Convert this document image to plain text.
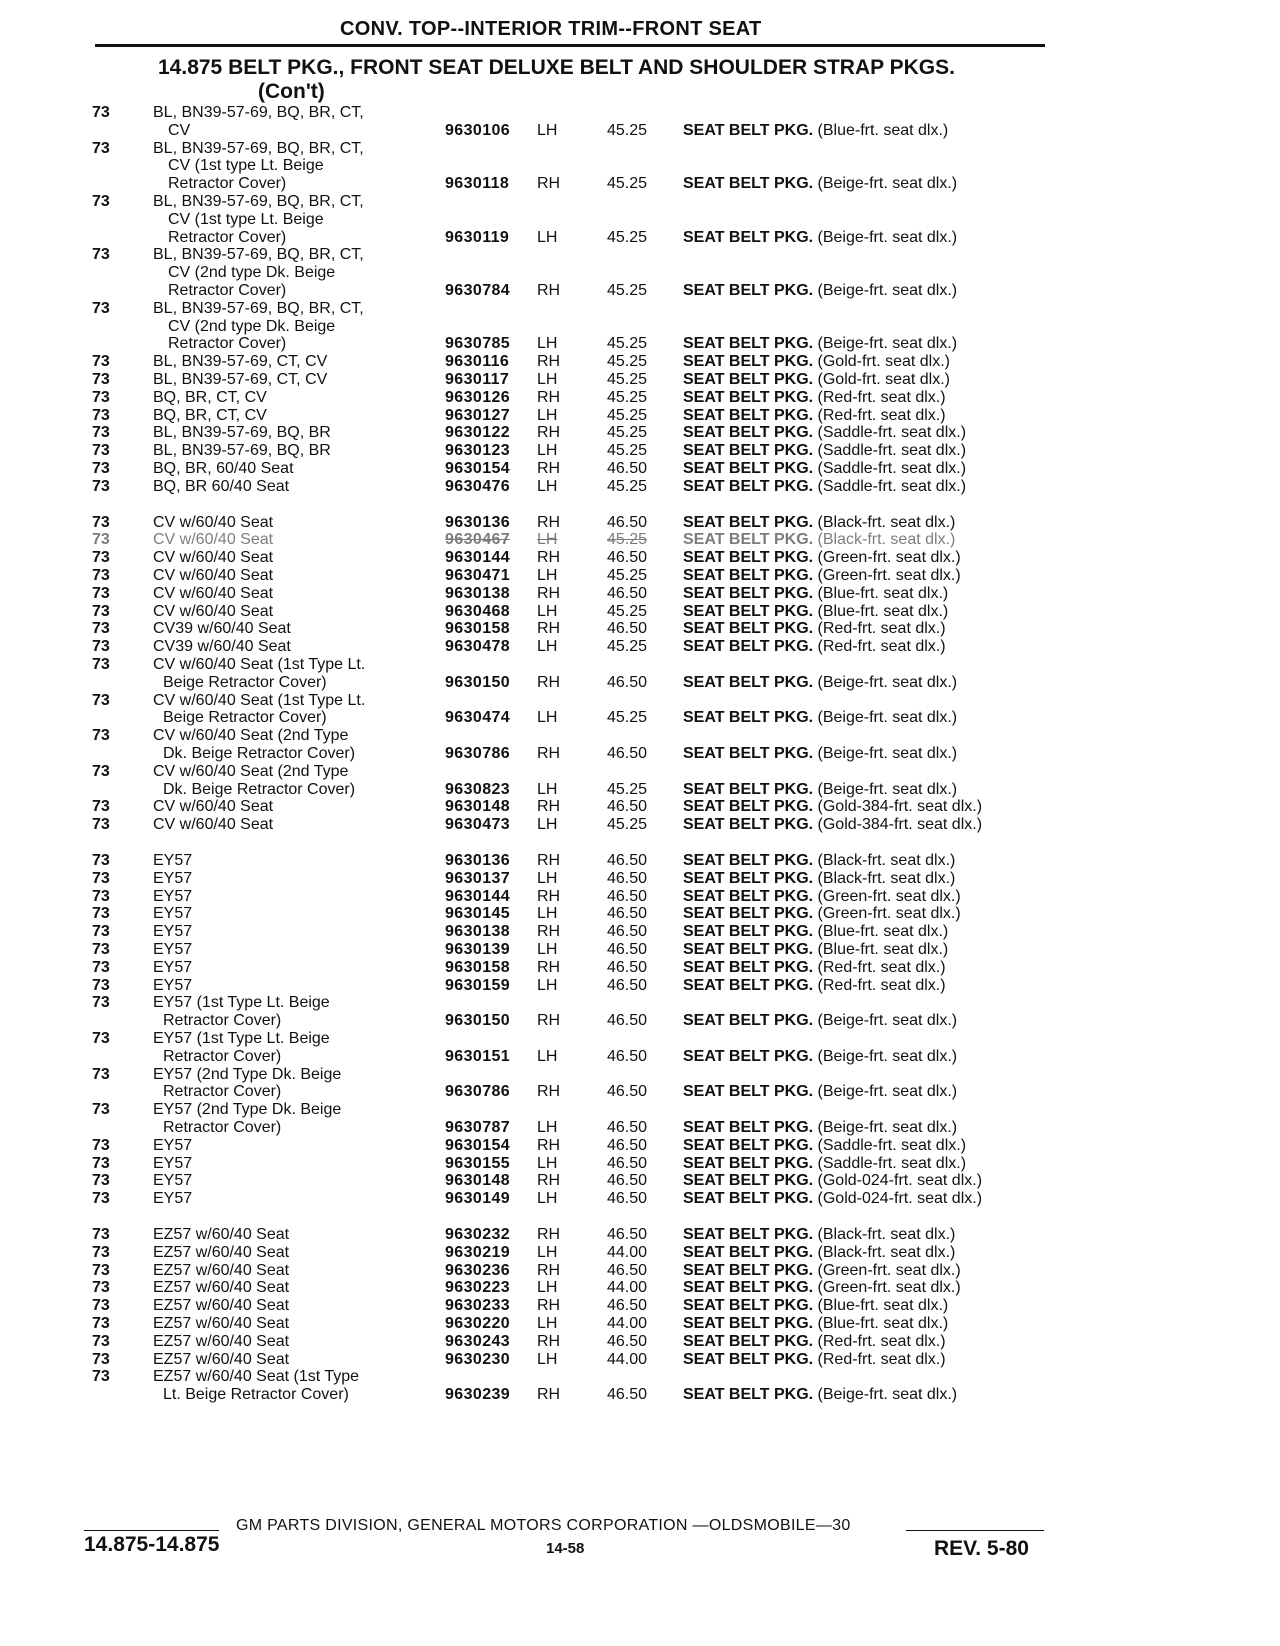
CONV. TOP--INTERIOR TRIM--FRONT SEAT
14.875 BELT PKG., FRONT SEAT DELUXE BELT AND SHOULDER STRAP PKGS.
(Con't)
73	BL, BN39-57-69, BQ, BR, CT,
CV	9630106 LH	45.25 SEAT BELT PKG. (Blue-frt. seat dlx.)
73	BL, BN39-57-69, BQ, BR, CT,
CV (1st type Lt. Beige
Retractor Cover)	9630118 RH	45.25 SEAT BELT PKG. (Beige-frt. seat dlx.)
73	BL, BN39-57-69, BQ, BR, CT,
CV (1st type Lt. Beige
Retractor Cover)	9630119 LH	45.25 SEAT BELT PKG. (Beige-frt. seat dlx.)
73	BL, BN39-57-69, BQ, BR, CT,
CV (2nd type Dk. Beige
Retractor Cover)	9630784 RH	45.25 SEAT BELT PKG. (Beige-frt. seat dlx.)
73	BL, BN39-57-69, BQ, BR, CT,
CV (2nd type Dk. Beige
Retractor Cover)	9630785 LH	45.25 SEAT BELT PKG. (Beige-frt. seat dlx.)
73	BL, BN39-57-69, CT, CV	9630116 RH	45.25 SEAT BELT PKG. (Gold-frt. seat dlx.)
73	BL, BN39-57-69, CT, CV	9630117 LH	45.25 SEAT BELT PKG. (Gold-frt. seat dlx.)
73	BQ, BR, CT, CV	9630126 RH	45.25 SEAT BELT PKG. (Red-frt. seat dlx.)
73	BQ, BR, CT, CV	9630127 LH	45.25 SEAT BELT PKG. (Red-frt. seat dlx.)
73	BL, BN39-57-69, BQ, BR	9630122 RH	45.25 SEAT BELT PKG. (Saddle-frt. seat dlx.)
73	BL, BN39-57-69, BQ, BR	9630123 LH	45.25 SEAT BELT PKG. (Saddle-frt. seat dlx.)
73	BQ, BR, 60/40 Seat	9630154 RH	46.50 SEAT BELT PKG. (Saddle-frt. seat dlx.)
73	BQ, BR 60/40 Seat	9630476 LH	45.25 SEAT BELT PKG. (Saddle-frt. seat dlx.)
73	CV w/60/40 Seat	9630136 RH	46.50 SEAT BELT PKG. (Black-frt. seat dlx.)
73	CV w/60/40 Seat	9630467 LH	45.25 SEAT BELT PKG. (Black-frt. seat dlx.)
73	CV w/60/40 Seat	9630144 RH	46.50 SEAT BELT PKG. (Green-frt. seat dlx.)
73	CV w/60/40 Seat	9630471 LH	45.25 SEAT BELT PKG. (Green-frt. seat dlx.)
73	CV w/60/40 Seat	9630138 RH	46.50 SEAT BELT PKG. (Blue-frt. seat dlx.)
73	CV w/60/40 Seat	9630468 LH	45.25 SEAT BELT PKG. (Blue-frt. seat dlx.)
73	CV39 w/60/40 Seat	9630158 RH	46.50 SEAT BELT PKG. (Red-frt. seat dlx.)
73	CV39 w/60/40 Seat	9630478 LH	45.25 SEAT BELT PKG. (Red-frt. seat dlx.)
73	CV w/60/40 Seat (1st Type Lt.
Beige Retractor Cover)	9630150 RH	46.50 SEAT BELT PKG. (Beige-frt. seat dlx.)
73	CV w/60/40 Seat (1st Type Lt.
Beige Retractor Cover)	9630474 LH	45.25 SEAT BELT PKG. (Beige-frt. seat dlx.)
73	CV w/60/40 Seat (2nd Type
Dk. Beige Retractor Cover)	9630786 RH	46.50 SEAT BELT PKG. (Beige-frt. seat dlx.)
73	CV w/60/40 Seat (2nd Type
Dk. Beige Retractor Cover)	9630823 LH	45.25 SEAT BELT PKG. (Beige-frt. seat dlx.)
73	CV w/60/40 Seat	9630148 RH	46.50 SEAT BELT PKG. (Gold-384-frt. seat dlx.)
73	CV w/60/40 Seat	9630473 LH	45.25 SEAT BELT PKG. (Gold-384-frt. seat dlx.)
73	EY57	9630136 RH	46.50 SEAT BELT PKG. (Black-frt. seat dlx.)
73	EY57	9630137 LH	46.50 SEAT BELT PKG. (Black-frt. seat dlx.)
73	EY57	9630144 RH	46.50 SEAT BELT PKG. (Green-frt. seat dlx.)
73	EY57	9630145 LH	46.50 SEAT BELT PKG. (Green-frt. seat dlx.)
73	EY57	9630138 RH	46.50 SEAT BELT PKG. (Blue-frt. seat dlx.)
73	EY57	9630139 LH	46.50 SEAT BELT PKG. (Blue-frt. seat dlx.)
73	EY57	9630158 RH	46.50 SEAT BELT PKG. (Red-frt. seat dlx.)
73	EY57	9630159 LH	46.50 SEAT BELT PKG. (Red-frt. seat dlx.)
73	EY57 (1st Type Lt. Beige
Retractor Cover)	9630150 RH	46.50 SEAT BELT PKG. (Beige-frt. seat dlx.)
73	EY57 (1st Type Lt. Beige
Retractor Cover)	9630151 LH	46.50 SEAT BELT PKG. (Beige-frt. seat dlx.)
73	EY57 (2nd Type Dk. Beige
Retractor Cover)	9630786 RH	46.50 SEAT BELT PKG. (Beige-frt. seat dlx.)
73	EY57 (2nd Type Dk. Beige
Retractor Cover)	9630787 LH	46.50 SEAT BELT PKG. (Beige-frt. seat dlx.)
73	EY57	9630154 RH	46.50 SEAT BELT PKG. (Saddle-frt. seat dlx.)
73	EY57	9630155 LH	46.50 SEAT BELT PKG. (Saddle-frt. seat dlx.)
73	EY57	9630148 RH	46.50 SEAT BELT PKG. (Gold-024-frt. seat dlx.)
73	EY57	9630149 LH	46.50 SEAT BELT PKG. (Gold-024-frt. seat dlx.)
73	EZ57 w/60/40 Seat	9630232 RH	46.50 SEAT BELT PKG. (Black-frt. seat dlx.)
73	EZ57 w/60/40 Seat	9630219 LH	44.00 SEAT BELT PKG. (Black-frt. seat dlx.)
73	EZ57 w/60/40 Seat	9630236 RH	46.50 SEAT BELT PKG. (Green-frt. seat dlx.)
73	EZ57 w/60/40 Seat	9630223 LH	44.00 SEAT BELT PKG. (Green-frt. seat dlx.)
73	EZ57 w/60/40 Seat	9630233 RH	46.50 SEAT BELT PKG. (Blue-frt. seat dlx.)
73	EZ57 w/60/40 Seat	9630220 LH	44.00 SEAT BELT PKG. (Blue-frt. seat dlx.)
73	EZ57 w/60/40 Seat	9630243 RH	46.50 SEAT BELT PKG. (Red-frt. seat dlx.)
73	EZ57 w/60/40 Seat	9630230 LH	44.00 SEAT BELT PKG. (Red-frt. seat dlx.)
73	EZ57 w/60/40 Seat (1st Type
Lt. Beige Retractor Cover)	9630239 RH	46.50 SEAT BELT PKG. (Beige-frt. seat dlx.)
GM PARTS DIVISION, GENERAL MOTORS CORPORATION —OLDSMOBILE—30
14.875-14.875	14-58	REV. 5-80
